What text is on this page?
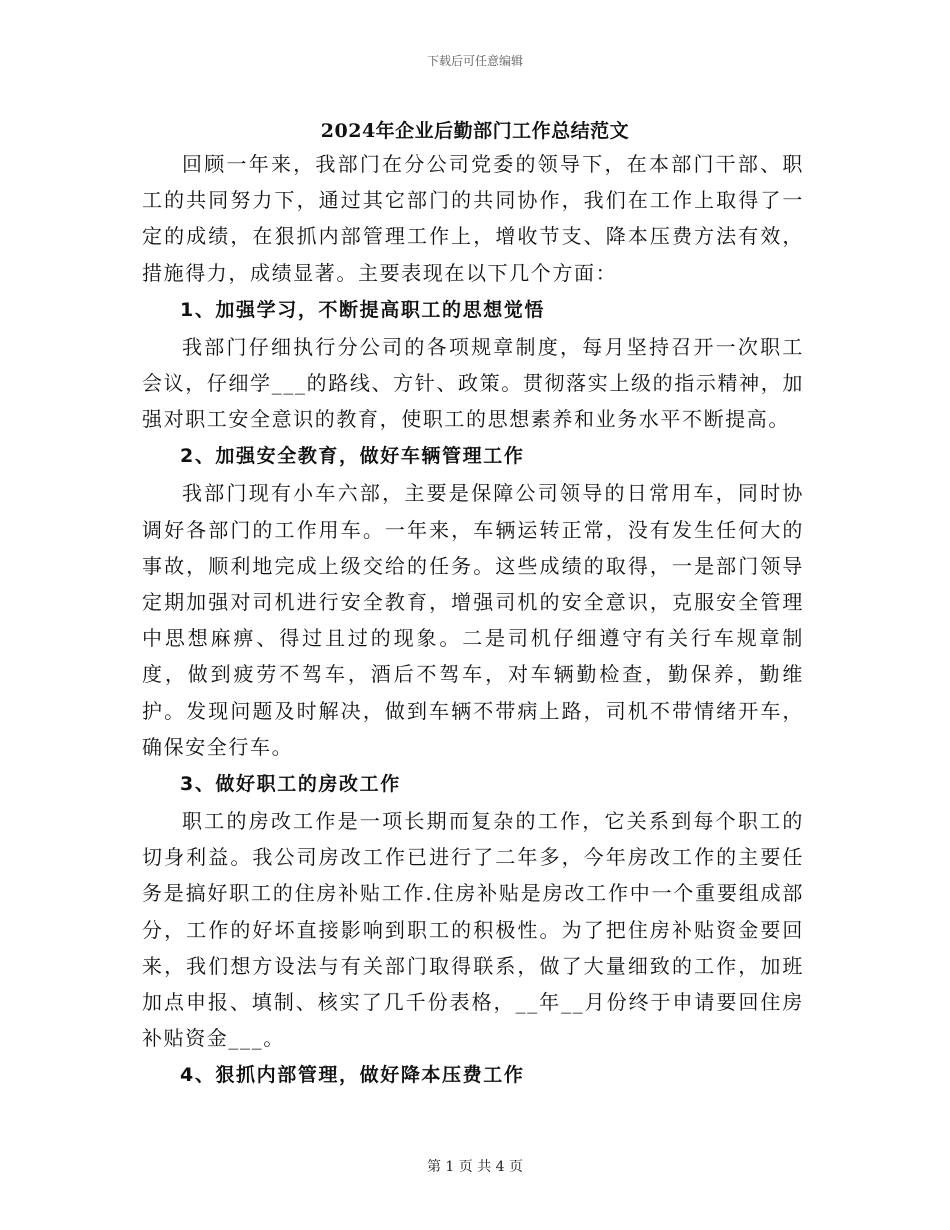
下载后可任意编辑
2024年企业后勤部门工作总结范文

回顾一年来，我部门在分公司党委的领导下，在本部门干部、职工的共同努力下，通过其它部门的共同协作，我们在工作上取得了一定的成绩，在狠抓内部管理工作上，增收节支、降本压费方法有效，措施得力，成绩显著。主要表现在以下几个方面：

1、加强学习，不断提高职工的思想觉悟

我部门仔细执行分公司的各项规章制度，每月坚持召开一次职工会议，仔细学___的路线、方针、政策。贯彻落实上级的指示精神，加强对职工安全意识的教育，使职工的思想素养和业务水平不断提高。

2、加强安全教育，做好车辆管理工作

我部门现有小车六部，主要是保障公司领导的日常用车，同时协调好各部门的工作用车。一年来，车辆运转正常，没有发生任何大的事故，顺利地完成上级交给的任务。这些成绩的取得，一是部门领导定期加强对司机进行安全教育，增强司机的安全意识，克服安全管理中思想麻痹、得过且过的现象。二是司机仔细遵守有关行车规章制度，做到疲劳不驾车，酒后不驾车，对车辆勤检查，勤保养，勤维护。发现问题及时解决，做到车辆不带病上路，司机不带情绪开车，确保安全行车。

3、做好职工的房改工作

职工的房改工作是一项长期而复杂的工作，它关系到每个职工的切身利益。我公司房改工作已进行了二年多，今年房改工作的主要任务是搞好职工的住房补贴工作.住房补贴是房改工作中一个重要组成部分，工作的好坏直接影响到职工的积极性。为了把住房补贴资金要回来，我们想方设法与有关部门取得联系，做了大量细致的工作，加班加点申报、填制、核实了几千份表格，__年__月份终于申请要回住房补贴资金___。

4、狠抓内部管理，做好降本压费工作

第 1 页 共 4 页
